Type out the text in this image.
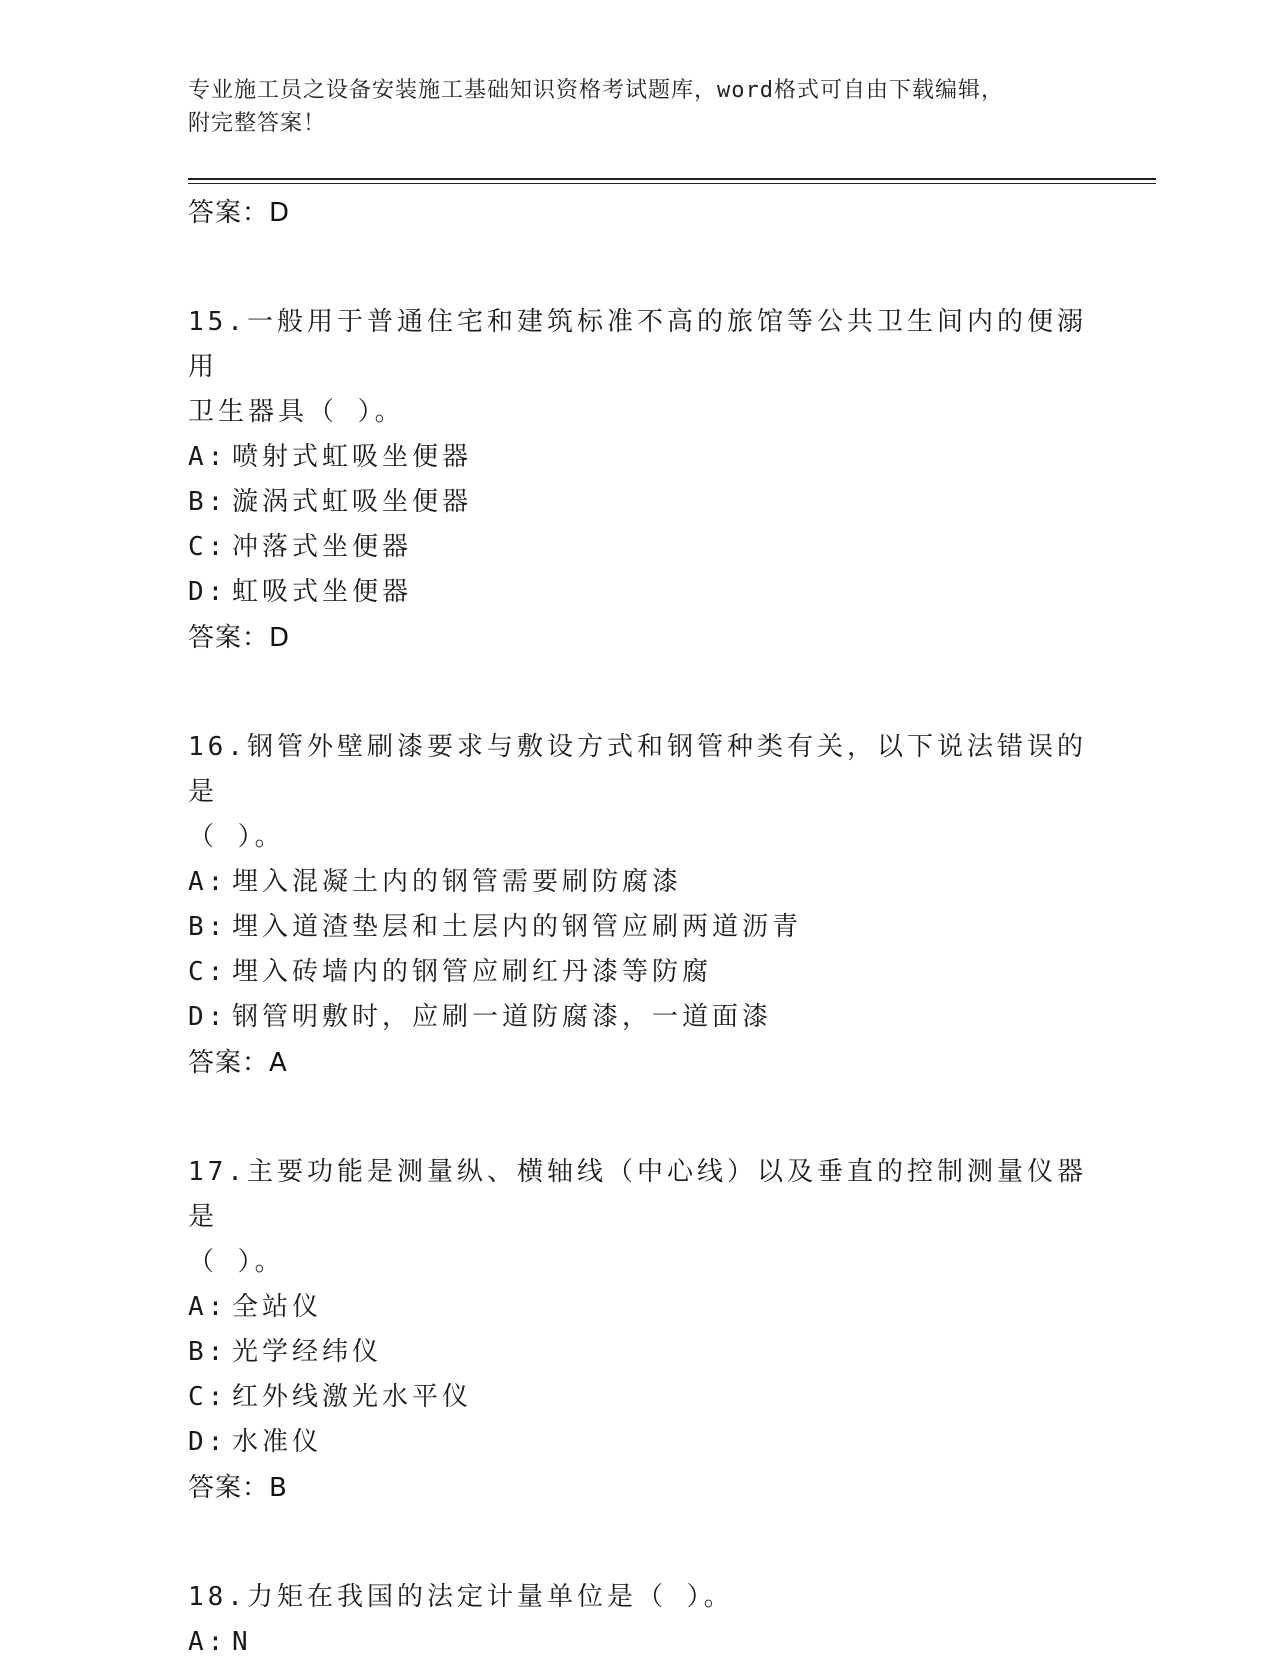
专业施工员之设备安装施工基础知识资格考试题库，word格式可自由下载编辑，
附完整答案！
答案：D
15.一般用于普通住宅和建筑标准不高的旅馆等公共卫生间内的便溺用
卫生器具（ ）。
A: 喷射式虹吸坐便器
B: 漩涡式虹吸坐便器
C: 冲落式坐便器
D: 虹吸式坐便器
答案：D
16.钢管外壁刷漆要求与敷设方式和钢管种类有关，以下说法错误的是
（ ）。
A: 埋入混凝土内的钢管需要刷防腐漆
B: 埋入道渣垫层和土层内的钢管应刷两道沥青
C: 埋入砖墙内的钢管应刷红丹漆等防腐
D: 钢管明敷时，应刷一道防腐漆，一道面漆
答案：A
17.主要功能是测量纵、横轴线（中心线）以及垂直的控制测量仪器是
（ ）。
A: 全站仪
B: 光学经纬仪
C: 红外线激光水平仪
D: 水准仪
答案：B
18.力矩在我国的法定计量单位是（ ）。
A: N
